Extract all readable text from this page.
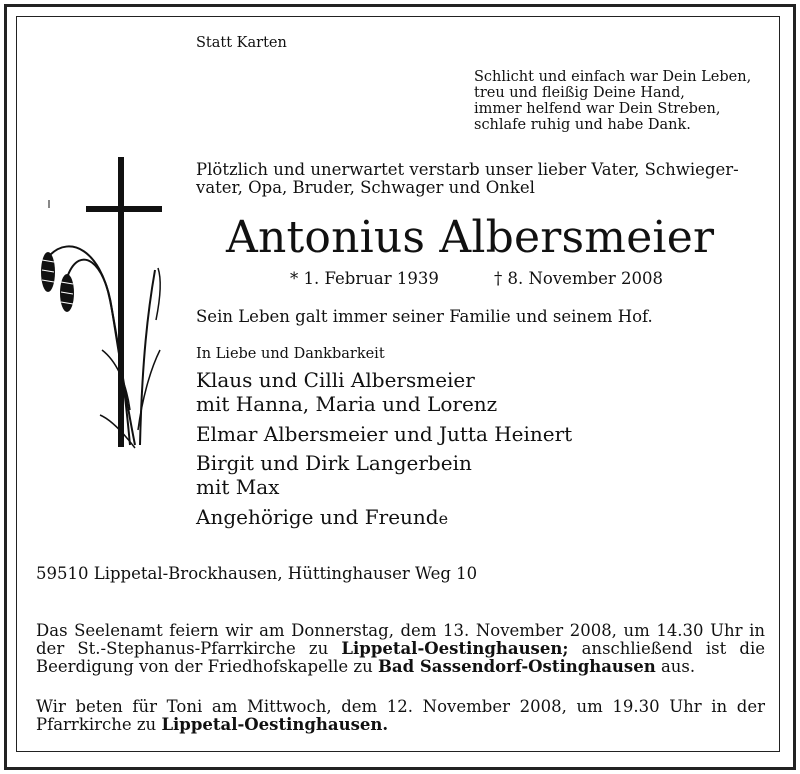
Statt Karten
Schlicht und einfach war Dein Leben,
treu und fleißig Deine Hand,
immer helfend war Dein Streben,
schlafe ruhig und habe Dank.
Plötzlich und unerwartet verstarb unser lieber Vater, Schwieger-
vater, Opa, Bruder, Schwager und Onkel
Antonius Albersmeier
* 1. Februar 1939	† 8. November 2008
Sein Leben galt immer seiner Familie und seinem Hof.
In Liebe und Dankbarkeit
Klaus und Cilli Albersmeier
mit Hanna, Maria und Lorenz
Elmar Albersmeier und Jutta Heinert
Birgit und Dirk Langerbein
mit Max
Angehörige und Freunde
59510 Lippetal-Brockhausen, Hüttinghauser Weg 10
Das Seelenamt feiern wir am Donnerstag, dem 13. November 2008, um 14.30 Uhr in der St.-Stephanus-Pfarrkirche zu Lippetal-Oestinghausen; anschließend ist die Beerdigung von der Friedhofskapelle zu Bad Sassendorf-Ostinghausen aus.
Wir beten für Toni am Mittwoch, dem 12. November 2008, um 19.30 Uhr in der Pfarrkirche zu Lippetal-Oestinghausen.
